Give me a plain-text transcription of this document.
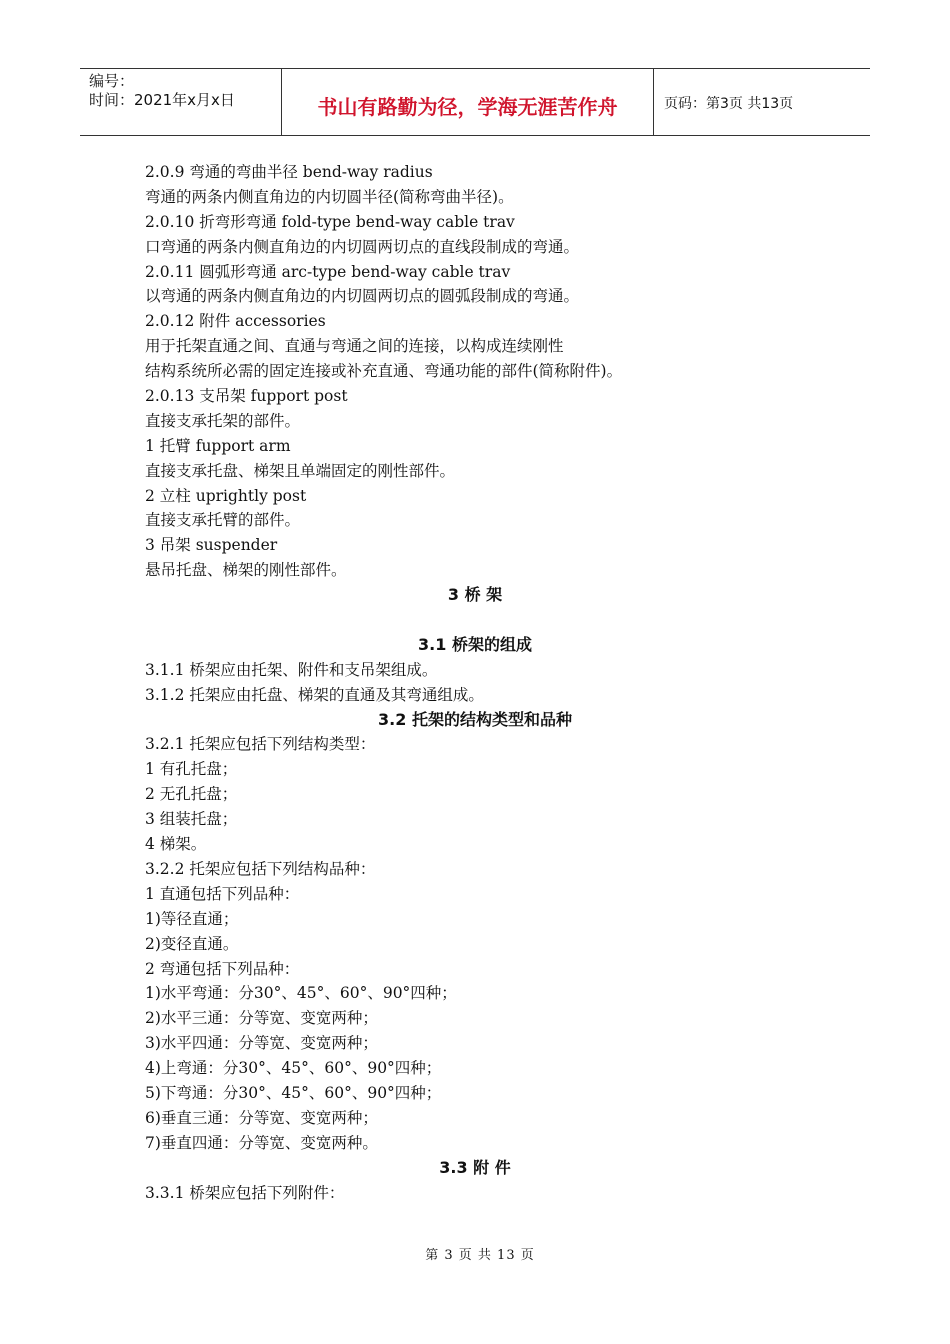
编号：
时间：2021年x月x日	书山有路勤为径，学海无涯苦作舟	页码：第3页 共13页
2.0.9 弯通的弯曲半径 bend-way radius
弯通的两条内侧直角边的内切圆半径(简称弯曲半径)。
2.0.10 折弯形弯通 fold-type bend-way cable trav
口弯通的两条内侧直角边的内切圆两切点的直线段制成的弯通。
2.0.11 圆弧形弯通 arc-type bend-way cable trav
以弯通的两条内侧直角边的内切圆两切点的圆弧段制成的弯通。
2.0.12 附件 accessories
用于托架直通之间、直通与弯通之间的连接，以构成连续刚性
结构系统所必需的固定连接或补充直通、弯通功能的部件(简称附件)。
2.0.13 支吊架 fupport post
直接支承托架的部件。
1 托臂 fupport arm
直接支承托盘、梯架且单端固定的刚性部件。
2 立柱 uprightly post
直接支承托臂的部件。
3 吊架 suspender
悬吊托盘、梯架的刚性部件。
3 桥 架
3.1 桥架的组成
3.1.1 桥架应由托架、附件和支吊架组成。
3.1.2 托架应由托盘、梯架的直通及其弯通组成。
3.2 托架的结构类型和品种
3.2.1 托架应包括下列结构类型：
1 有孔托盘；
2 无孔托盘；
3 组装托盘；
4 梯架。
3.2.2 托架应包括下列结构品种：
1 直通包括下列品种：
1)等径直通；
2)变径直通。
2 弯通包括下列品种：
1)水平弯通：分30°、45°、60°、90°四种；
2)水平三通：分等宽、变宽两种；
3)水平四通：分等宽、变宽两种；
4)上弯通：分30°、45°、60°、90°四种；
5)下弯通：分30°、45°、60°、90°四种；
6)垂直三通：分等宽、变宽两种；
7)垂直四通：分等宽、变宽两种。
3.3 附 件
3.3.1 桥架应包括下列附件：
第 3 页 共 13 页
